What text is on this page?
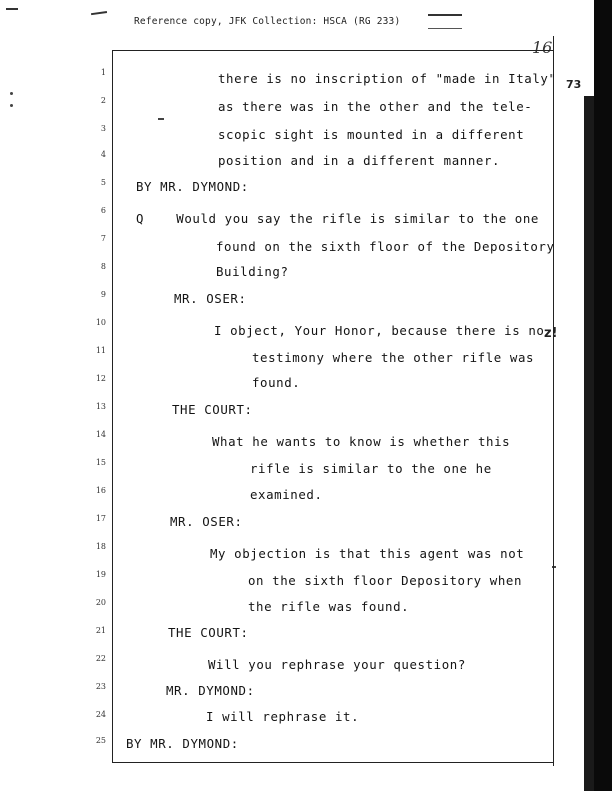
Reference copy, JFK Collection: HSCA (RG 233)
16
73
z!
1
2
3
4
5
6
7
8
9
10
11
12
13
14
15
16
17
18
19
20
21
22
23
24
25
there is no inscription of "made in Italy"
as there was in the other and the tele-
scopic sight is mounted in a different
position and in a different manner.
BY MR. DYMOND:
Q    Would you say the rifle is similar to the one
found on the sixth floor of the Depository
Building?
MR. OSER:
I object, Your Honor, because there is no
testimony where the other rifle was
found.
THE COURT:
What he wants to know is whether this
rifle is similar to the one he
examined.
MR. OSER:
My objection is that this agent was not
on the sixth floor Depository when
the rifle was found.
THE COURT:
Will you rephrase your question?
MR. DYMOND:
I will rephrase it.
BY MR. DYMOND:
